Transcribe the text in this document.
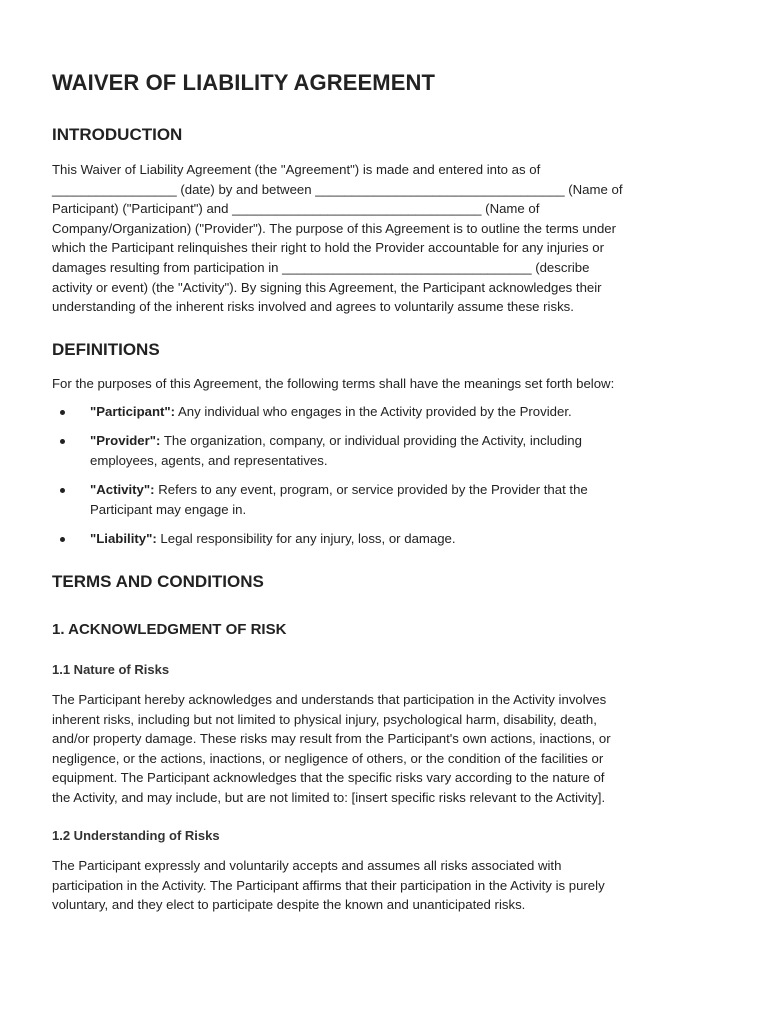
WAIVER OF LIABILITY AGREEMENT
INTRODUCTION

This Waiver of Liability Agreement (the "Agreement") is made and entered into as of
_________________ (date) by and between __________________________________ (Name of
Participant) ("Participant") and __________________________________ (Name of
Company/Organization) ("Provider"). The purpose of this Agreement is to outline the terms under
which the Participant relinquishes their right to hold the Provider accountable for any injuries or
damages resulting from participation in __________________________________ (describe
activity or event) (the "Activity"). By signing this Agreement, the Participant acknowledges their
understanding of the inherent risks involved and agrees to voluntarily assume these risks.

DEFINITIONS

For the purposes of this Agreement, the following terms shall have the meanings set forth below:

"Participant": Any individual who engages in the Activity provided by the Provider.
"Provider": The organization, company, or individual providing the Activity, including
employees, agents, and representatives.
"Activity": Refers to any event, program, or service provided by the Provider that the
Participant may engage in.
"Liability": Legal responsibility for any injury, loss, or damage.
TERMS AND CONDITIONS
1. ACKNOWLEDGMENT OF RISK
1.1 Nature of Risks

The Participant hereby acknowledges and understands that participation in the Activity involves
inherent risks, including but not limited to physical injury, psychological harm, disability, death,
and/or property damage. These risks may result from the Participant's own actions, inactions, or
negligence, or the actions, inactions, or negligence of others, or the condition of the facilities or
equipment. The Participant acknowledges that the specific risks vary according to the nature of
the Activity, and may include, but are not limited to: [insert specific risks relevant to the Activity].

1.2 Understanding of Risks

The Participant expressly and voluntarily accepts and assumes all risks associated with
participation in the Activity. The Participant affirms that their participation in the Activity is purely
voluntary, and they elect to participate despite the known and unanticipated risks.
